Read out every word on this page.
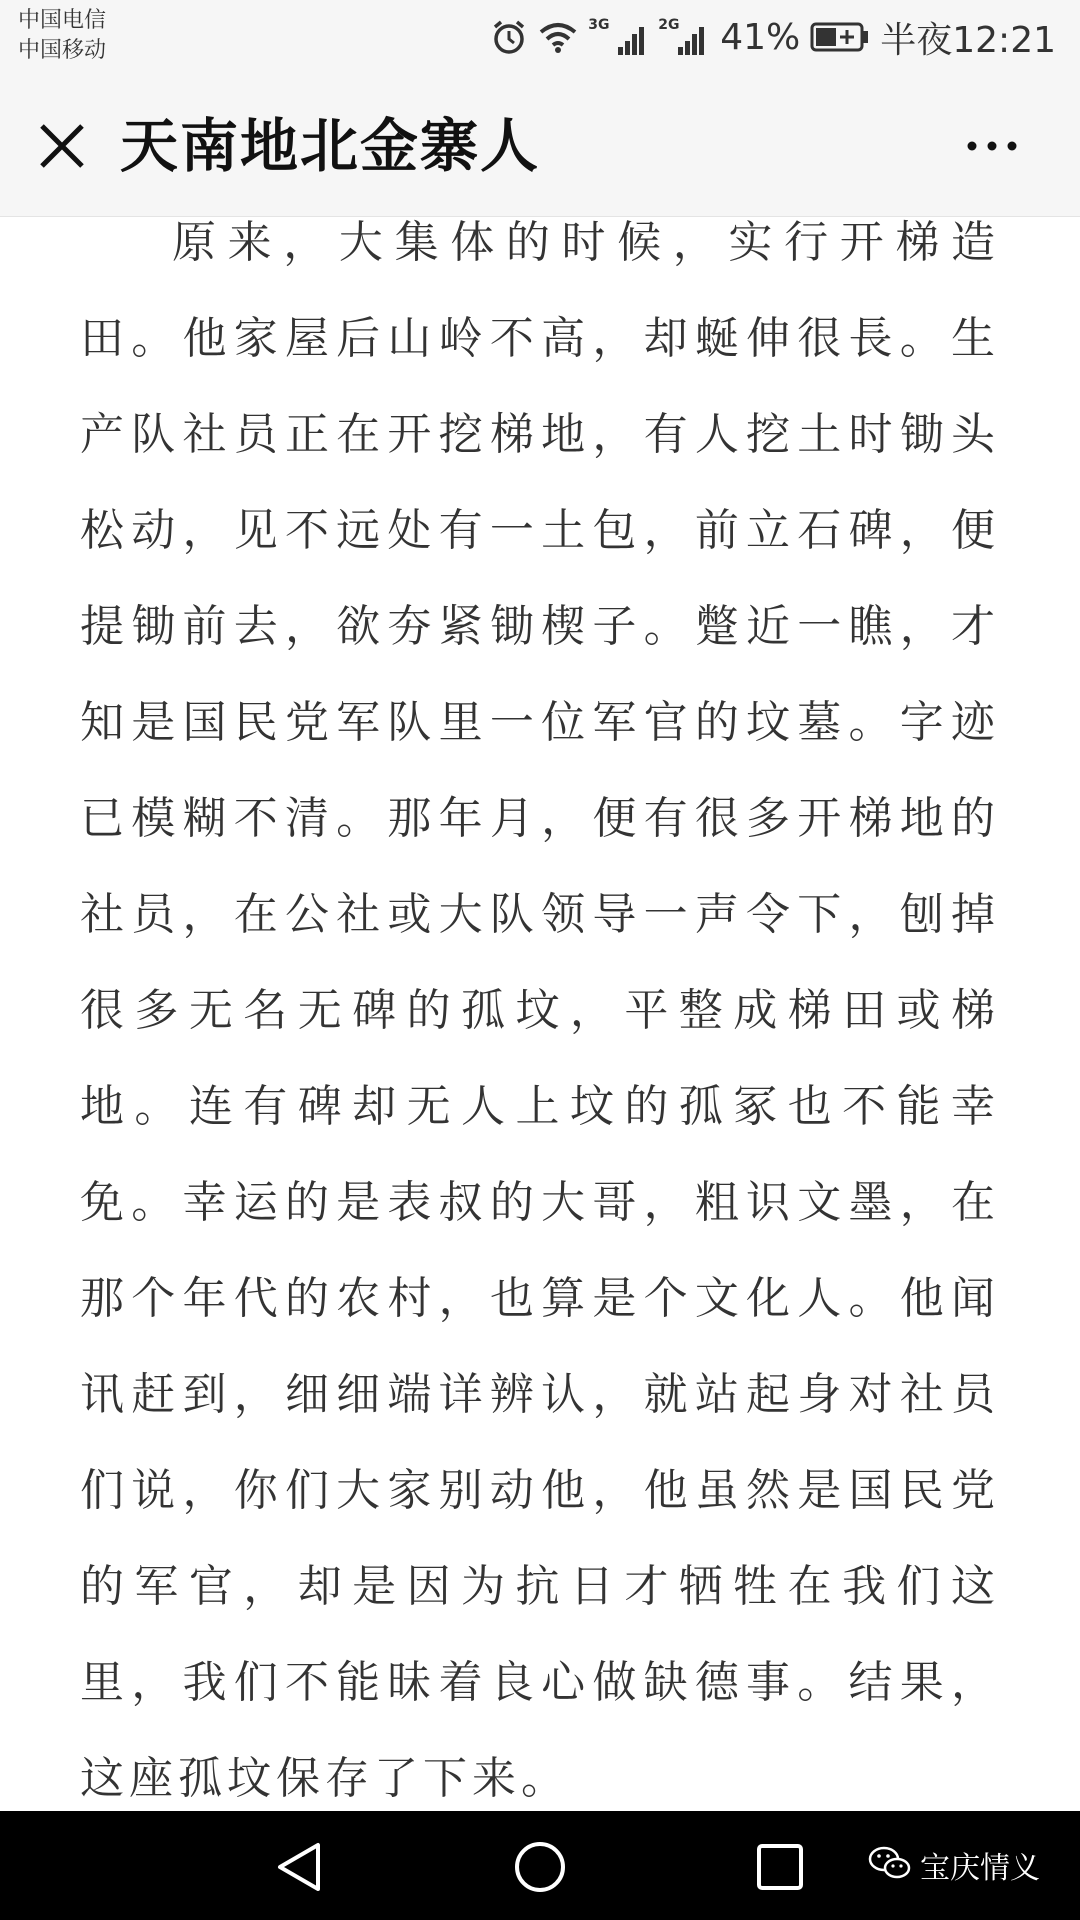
中国电信
中国移动
3G	2G 41% 半夜12:21
天南地北金寨人

原来，大集体的时候，实行开梯造田。他家屋后山岭不高，却蜒伸很長。生产队社员正在开挖梯地，有人挖土时锄头松动，见不远处有一土包，前立石碑，便提锄前去，欲夯紧锄楔子。蹩近一瞧，才知是国民党军队里一位军官的坟墓。字迹已模糊不清。那年月，便有很多开梯地的社员，在公社或大队领导一声令下，刨掉很多无名无碑的孤坟，平整成梯田或梯地。连有碑却无人上坟的孤冢也不能幸免。幸运的是表叔的大哥，粗识文墨，在那个年代的农村，也算是个文化人。他闻讯赶到，细细端详辨认，就站起身对社员们说，你们大家别动他，他虽然是国民党的军官，却是因为抗日才牺牲在我们这里，我们不能昧着良心做缺德事。结果，这座孤坟保存了下来。

宝庆情义
